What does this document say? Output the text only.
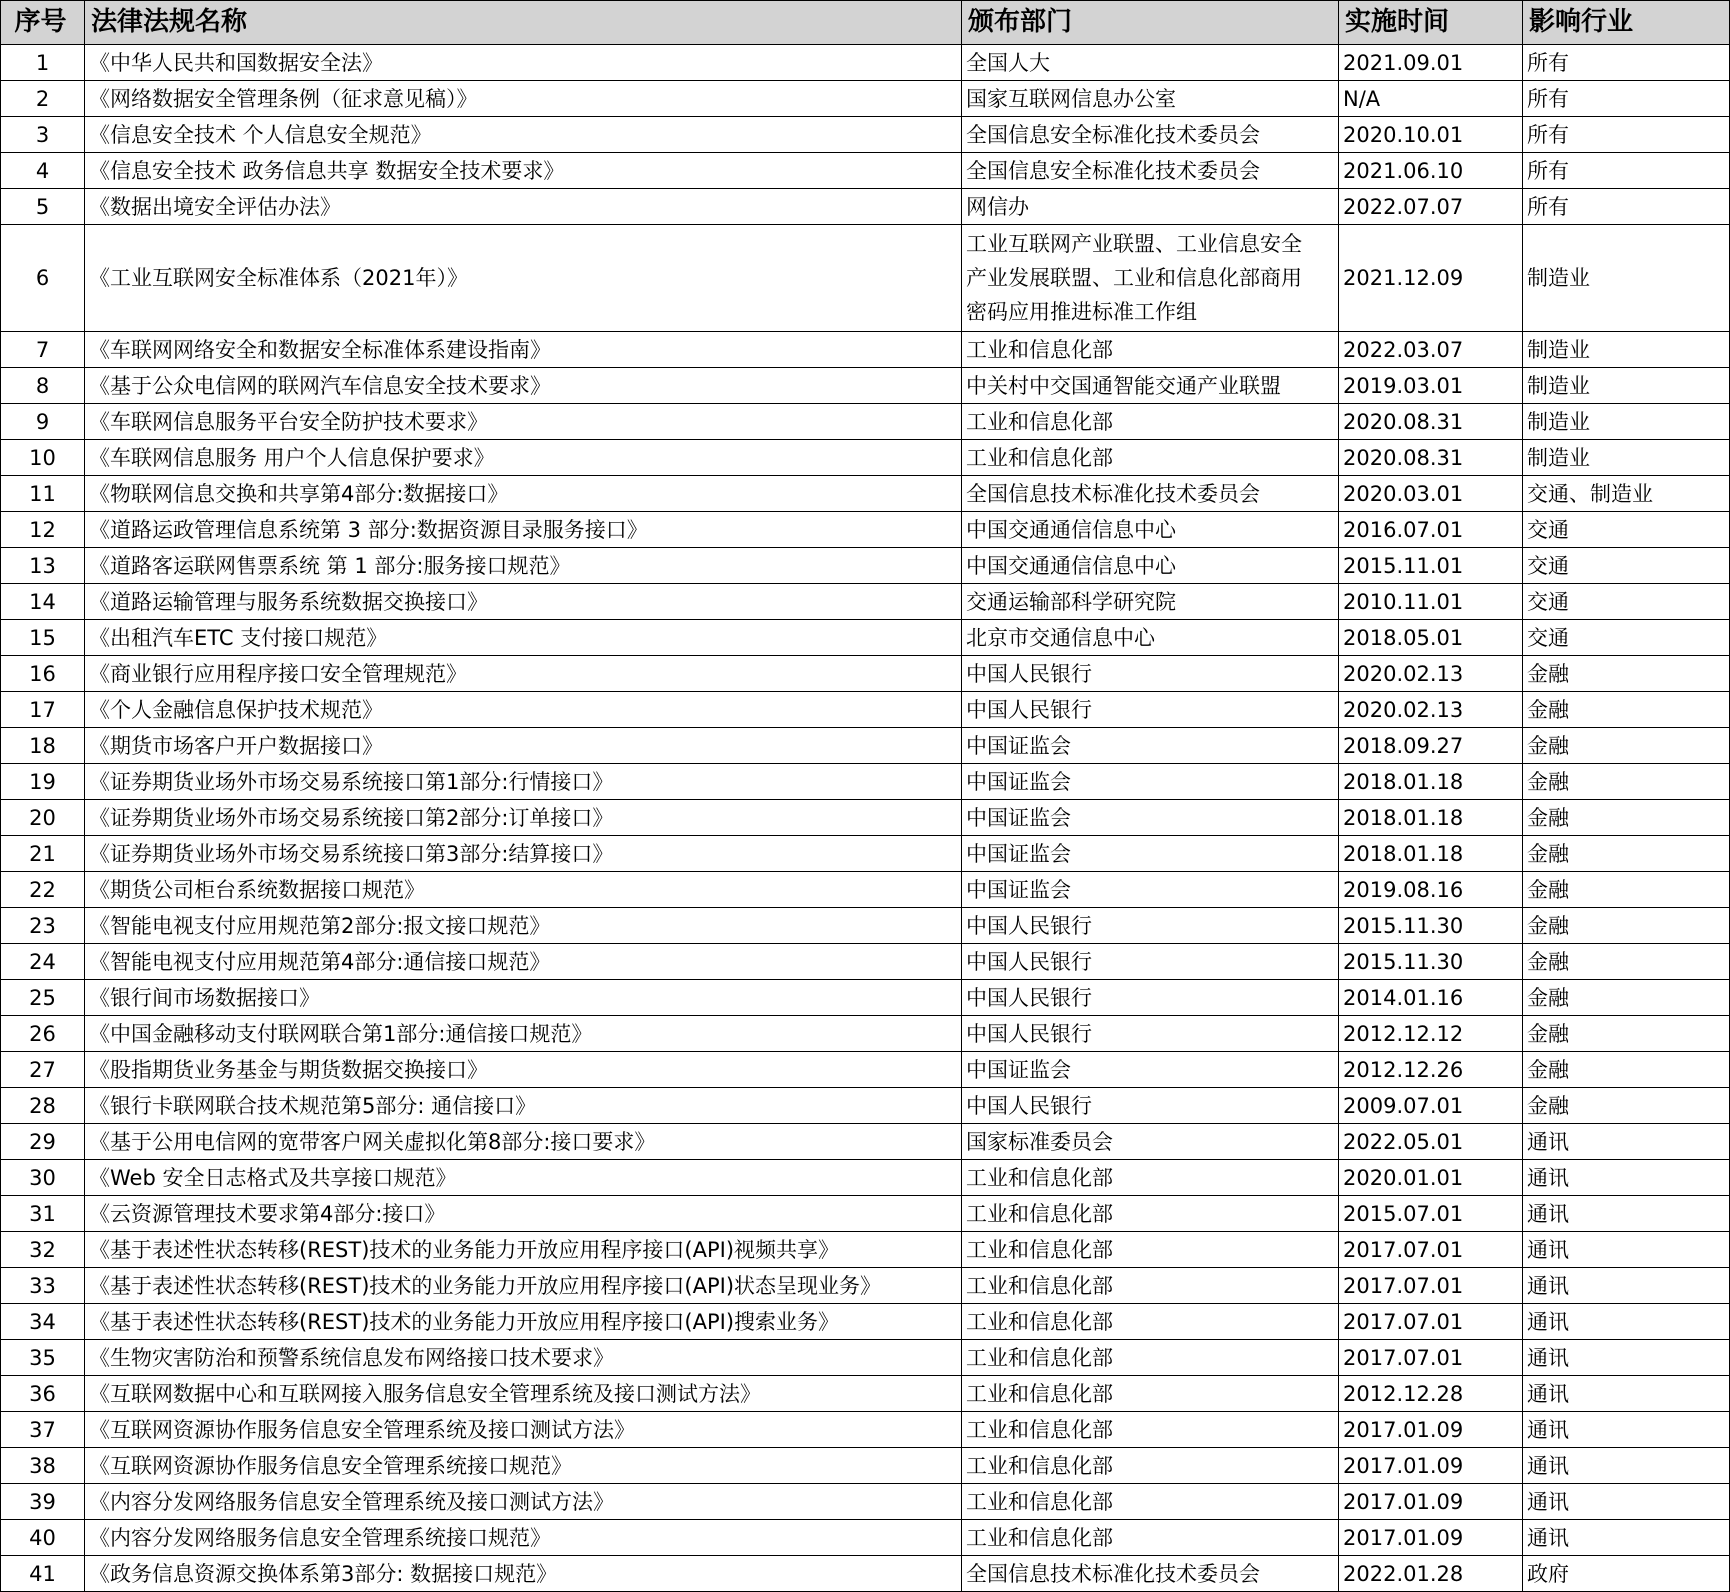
序号	法律法规名称	颁布部门	实施时间	影响行业
1	《中华人民共和国数据安全法》	全国人大	2021.09.01	所有
2	《网络数据安全管理条例（征求意见稿）》	国家互联网信息办公室	N/A	所有
3	《信息安全技术 个人信息安全规范》	全国信息安全标准化技术委员会	2020.10.01	所有
4	《信息安全技术 政务信息共享 数据安全技术要求》	全国信息安全标准化技术委员会	2021.06.10	所有
5	《数据出境安全评估办法》	网信办	2022.07.07	所有
6	《工业互联网安全标准体系（2021年）》	工业互联网产业联盟、工业信息安全
产业发展联盟、工业和信息化部商用
密码应用推进标准工作组	2021.12.09	制造业
7	《车联网网络安全和数据安全标准体系建设指南》	工业和信息化部	2022.03.07	制造业
8	《基于公众电信网的联网汽车信息安全技术要求》	中关村中交国通智能交通产业联盟	2019.03.01	制造业
9	《车联网信息服务平台安全防护技术要求》	工业和信息化部	2020.08.31	制造业
10	《车联网信息服务 用户个人信息保护要求》	工业和信息化部	2020.08.31	制造业
11	《物联网信息交换和共享第4部分:数据接口》	全国信息技术标准化技术委员会	2020.03.01	交通、制造业
12	《道路运政管理信息系统第 3 部分:数据资源目录服务接口》	中国交通通信信息中心	2016.07.01	交通
13	《道路客运联网售票系统 第 1 部分:服务接口规范》	中国交通通信信息中心	2015.11.01	交通
14	《道路运输管理与服务系统数据交换接口》	交通运输部科学研究院	2010.11.01	交通
15	《出租汽车ETC 支付接口规范》	北京市交通信息中心	2018.05.01	交通
16	《商业银行应用程序接口安全管理规范》	中国人民银行	2020.02.13	金融
17	《个人金融信息保护技术规范》	中国人民银行	2020.02.13	金融
18	《期货市场客户开户数据接口》	中国证监会	2018.09.27	金融
19	《证券期货业场外市场交易系统接口第1部分:行情接口》	中国证监会	2018.01.18	金融
20	《证券期货业场外市场交易系统接口第2部分:订单接口》	中国证监会	2018.01.18	金融
21	《证券期货业场外市场交易系统接口第3部分:结算接口》	中国证监会	2018.01.18	金融
22	《期货公司柜台系统数据接口规范》	中国证监会	2019.08.16	金融
23	《智能电视支付应用规范第2部分:报文接口规范》	中国人民银行	2015.11.30	金融
24	《智能电视支付应用规范第4部分:通信接口规范》	中国人民银行	2015.11.30	金融
25	《银行间市场数据接口》	中国人民银行	2014.01.16	金融
26	《中国金融移动支付联网联合第1部分:通信接口规范》	中国人民银行	2012.12.12	金融
27	《股指期货业务基金与期货数据交换接口》	中国证监会	2012.12.26	金融
28	《银行卡联网联合技术规范第5部分: 通信接口》	中国人民银行	2009.07.01	金融
29	《基于公用电信网的宽带客户网关虚拟化第8部分:接口要求》	国家标准委员会	2022.05.01	通讯
30	《Web 安全日志格式及共享接口规范》	工业和信息化部	2020.01.01	通讯
31	《云资源管理技术要求第4部分:接口》	工业和信息化部	2015.07.01	通讯
32	《基于表述性状态转移(REST)技术的业务能力开放应用程序接口(API)视频共享》	工业和信息化部	2017.07.01	通讯
33	《基于表述性状态转移(REST)技术的业务能力开放应用程序接口(API)状态呈现业务》	工业和信息化部	2017.07.01	通讯
34	《基于表述性状态转移(REST)技术的业务能力开放应用程序接口(API)搜索业务》	工业和信息化部	2017.07.01	通讯
35	《生物灾害防治和预警系统信息发布网络接口技术要求》	工业和信息化部	2017.07.01	通讯
36	《互联网数据中心和互联网接入服务信息安全管理系统及接口测试方法》	工业和信息化部	2012.12.28	通讯
37	《互联网资源协作服务信息安全管理系统及接口测试方法》	工业和信息化部	2017.01.09	通讯
38	《互联网资源协作服务信息安全管理系统接口规范》	工业和信息化部	2017.01.09	通讯
39	《内容分发网络服务信息安全管理系统及接口测试方法》	工业和信息化部	2017.01.09	通讯
40	《内容分发网络服务信息安全管理系统接口规范》	工业和信息化部	2017.01.09	通讯
41	《政务信息资源交换体系第3部分: 数据接口规范》	全国信息技术标准化技术委员会	2022.01.28	政府
